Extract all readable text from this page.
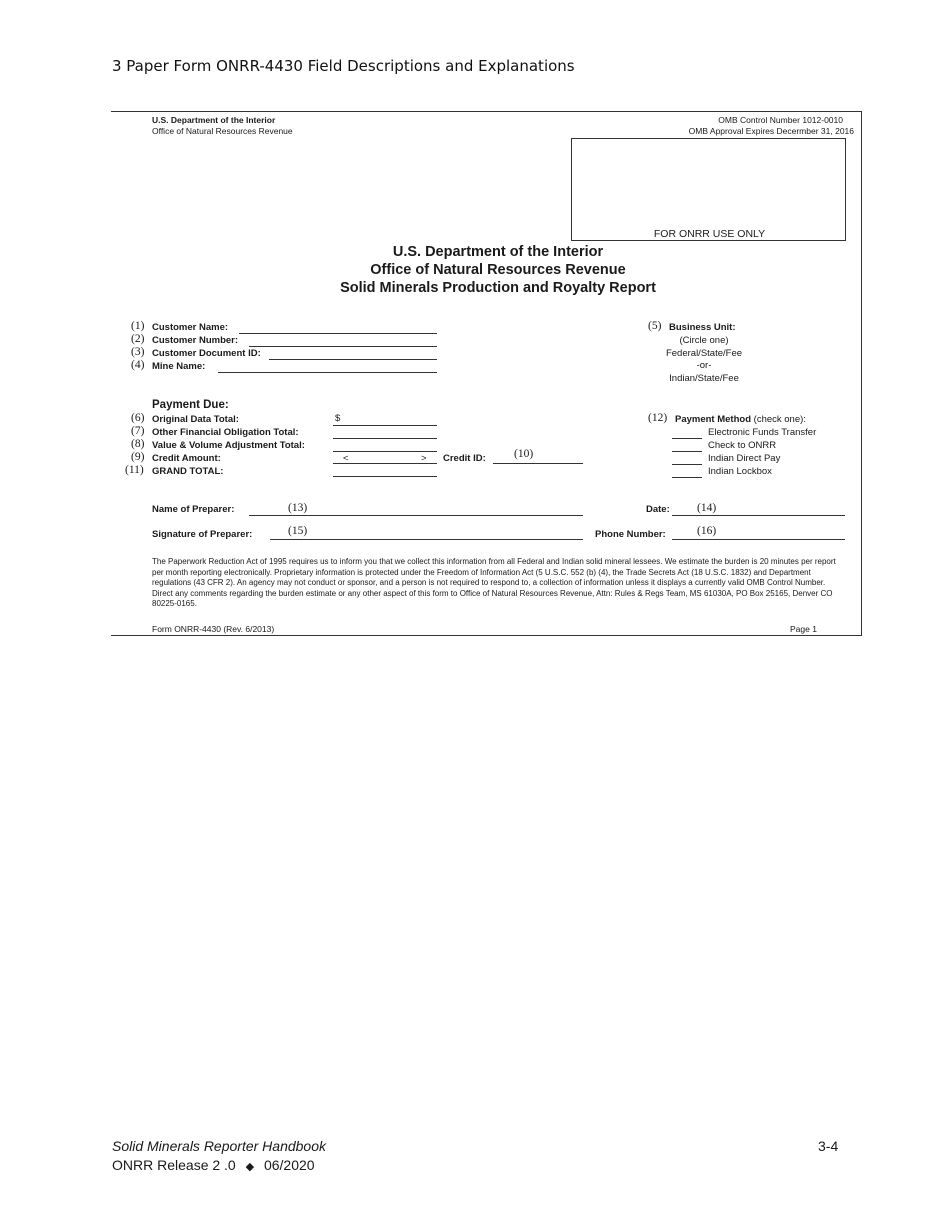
3 Paper Form ONRR-4430 Field Descriptions and Explanations
U.S. Department of the Interior
Office of Natural Resources Revenue
OMB Control Number 1012-0010
OMB Approval Expires Decermber 31, 2016
FOR ONRR USE ONLY
U.S. Department of the Interior
Office of Natural Resources Revenue
Solid Minerals Production and Royalty Report
(1) Customer Name:
(2) Customer Number:
(3) Customer Document ID:
(4) Mine Name:
(5) Business Unit:
(Circle one)
Federal/State/Fee
-or-
Indian/State/Fee
Payment Due:
(6) Original Data Total:	$
(7) Other Financial Obligation Total:
(8) Value & Volume Adjustment Total:
(9) Credit Amount:	<	> Credit ID: (10)
(11) GRAND TOTAL:
(12) Payment Method (check one):
Electronic Funds Transfer
Check to ONRR
Indian Direct Pay
Indian Lockbox
Name of Preparer:	(13)	Date: (14)
Signature of Preparer:	(15)	Phone Number:	(16)
The Paperwork Reduction Act of 1995 requires us to inform you that we collect this information from all Federal and Indian solid mineral lessees. We estimate the burden is 20 minutes per report per month reporting electronically. Proprietary information is protected under the Freedom of Information Act (5 U.S.C. 552 (b) (4), the Trade Secrets Act (18 U.S.C. 1832) and Department regulations (43 CFR 2). An agency may not conduct or sponsor, and a person is not required to respond to, a collection of information unless it displays a currently valid OMB Control Number. Direct any comments regarding the burden estimate or any other aspect of this form to Office of Natural Resources Revenue, Attn: Rules & Regs Team, MS 61030A, PO Box 25165, Denver CO 80225-0165.
Form ONRR-4430 (Rev. 6/2013)	Page 1
Solid Minerals Reporter Handbook	3-4
ONRR Release 2 .0 ◆ 06/2020
